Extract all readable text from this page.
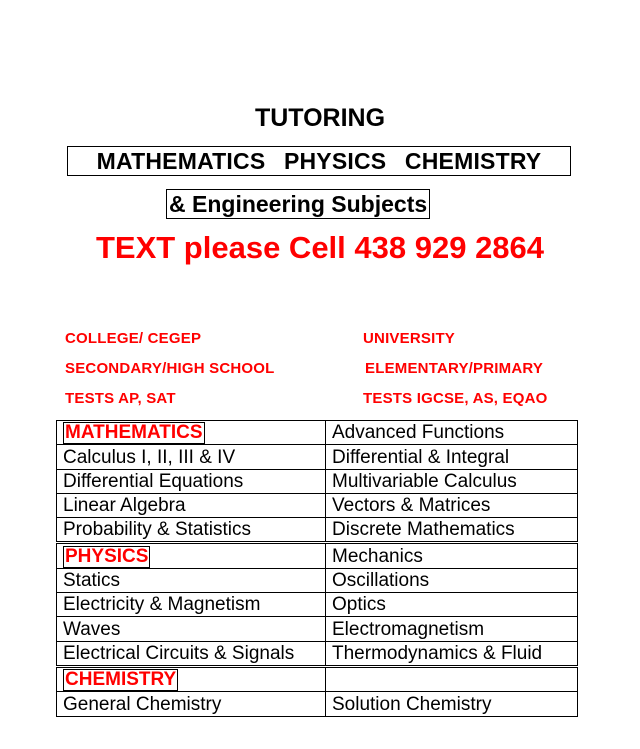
TUTORING
MATHEMATICS PHYSICS CHEMISTRY
& Engineering Subjects
TEXT please Cell 438 929 2864
COLLEGE/ CEGEP	UNIVERSITY
SECONDARY/HIGH SCHOOL	ELEMENTARY/PRIMARY
TESTS AP, SAT	TESTS IGCSE, AS, EQAO
MATHEMATICS	Advanced Functions
Calculus I, II, III & IV	Differential & Integral
Differential Equations	Multivariable Calculus
Linear Algebra	Vectors & Matrices
Probability & Statistics	Discrete Mathematics
PHYSICS	Mechanics
Statics	Oscillations
Electricity & Magnetism	Optics
Waves	Electromagnetism
Electrical Circuits & Signals	Thermodynamics & Fluid
CHEMISTRY	
General Chemistry	Solution Chemistry
